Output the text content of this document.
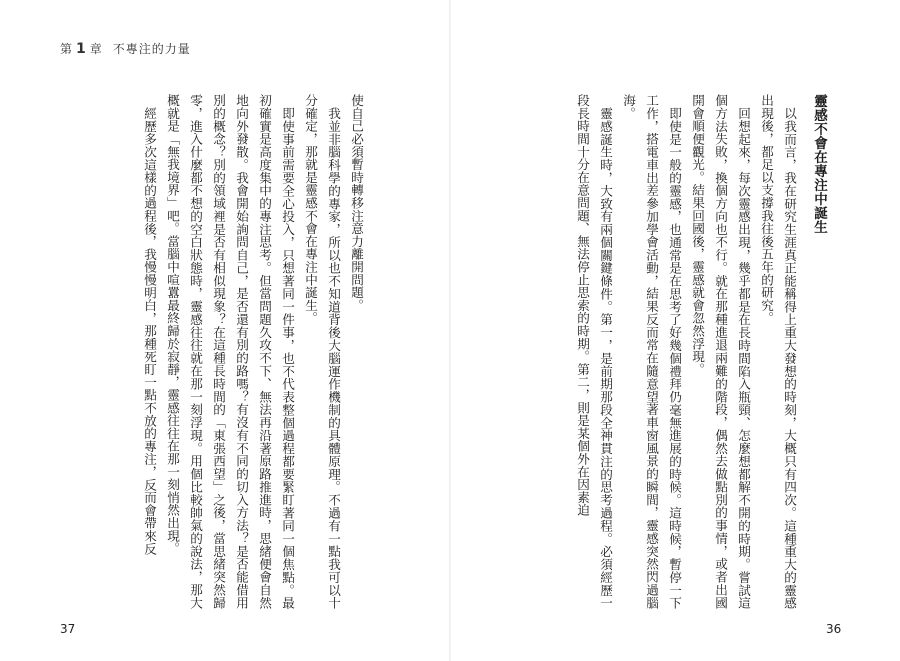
第 1 章 不專注的力量
靈感不會在專注中誕生

以我而言，我在研究生涯真正能稱得上重大發想的時刻，大概只有四次。這種重大的靈感出現後，都足以支撐我往後五年的研究。

回想起來，每次靈感出現，幾乎都是在長時間陷入瓶頸、怎麼想都解不開的時期。嘗試這個方法失敗，換個方向也不行。就在那種進退兩難的階段，偶然去做點別的事情，或者出國開會順便觀光。結果回國後，靈感就會忽然浮現。

即使是一般的靈感，也通常是在思考了好幾個禮拜仍毫無進展的時候。這時候，暫停一下工作，搭電車出差參加學會活動，結果反而常在隨意望著車窗風景的瞬間，靈感突然閃過腦海。

靈感誕生時，大致有兩個關鍵條件。第一，是前期那段全神貫注的思考過程。必須經歷一段長時間十分在意問題、無法停止思索的時期。第二，則是某個外在因素迫

使自己必須暫時轉移注意力離開問題。

我並非腦科學的專家，所以也不知道背後大腦運作機制的具體原理。不過有一點我可以十分確定，那就是靈感不會在專注中誕生。

即使事前需要全心投入，只想著同一件事，也不代表整個過程都要緊盯著同一個焦點。最初確實是高度集中的專注思考。但當問題久攻不下、無法再沿著原路推進時，思緒便會自然地向外發散。我會開始詢問自己，是否還有別的路嗎？有沒有不同的切入方法？是否能借用別的概念？別的領域裡是否有相似現象？在這種長時間的「東張西望」之後，當思緒突然歸零，進入什麼都不想的空白狀態時，靈感往往就在那一刻浮現。用個比較帥氣的說法，那大概就是「無我境界」吧。當腦中喧囂最終歸於寂靜，靈感往往在那一刻悄然出現。

經歷多次這樣的過程後，我慢慢明白，那種死盯一點不放的專注，反而會帶來反

37	36
